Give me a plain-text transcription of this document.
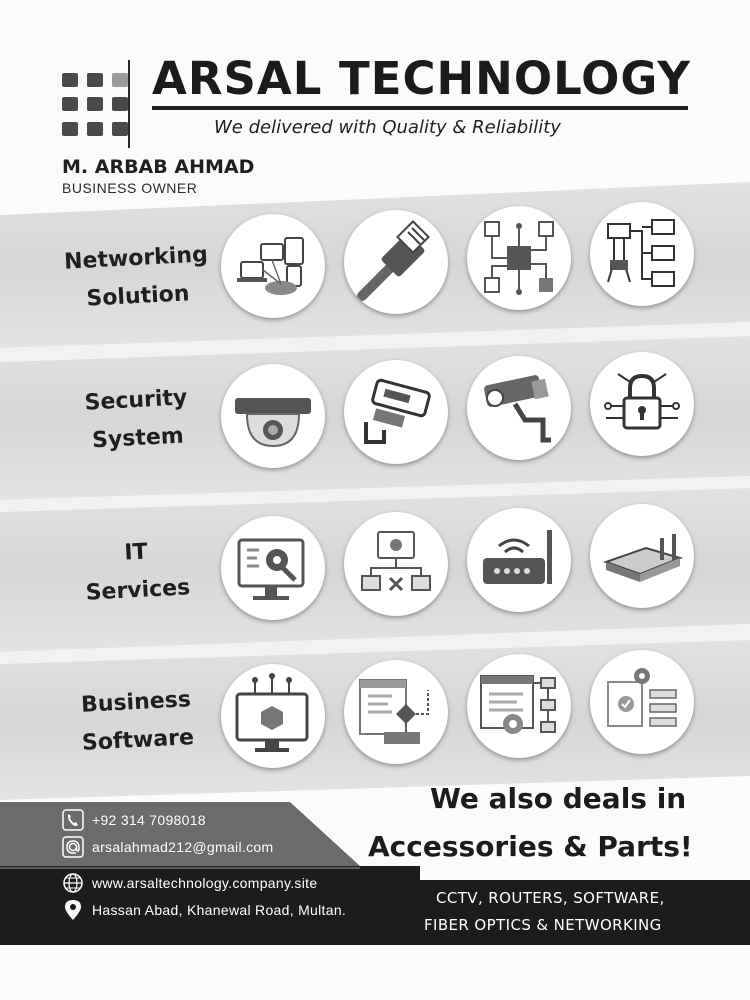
ARSAL TECHNOLOGY
We delivered with Quality & Reliability
M. ARBAB AHMAD
BUSINESS OWNER
Networking
Solution
Security
System
IT
Services
Business
Software
We also deals in
Accessories & Parts!
+92 314 7098018
arsalahmad212@gmail.com
www.arsaltechnology.company.site
Hassan Abad, Khanewal Road, Multan.
CCTV, ROUTERS, SOFTWARE,
FIBER OPTICS & NETWORKING
